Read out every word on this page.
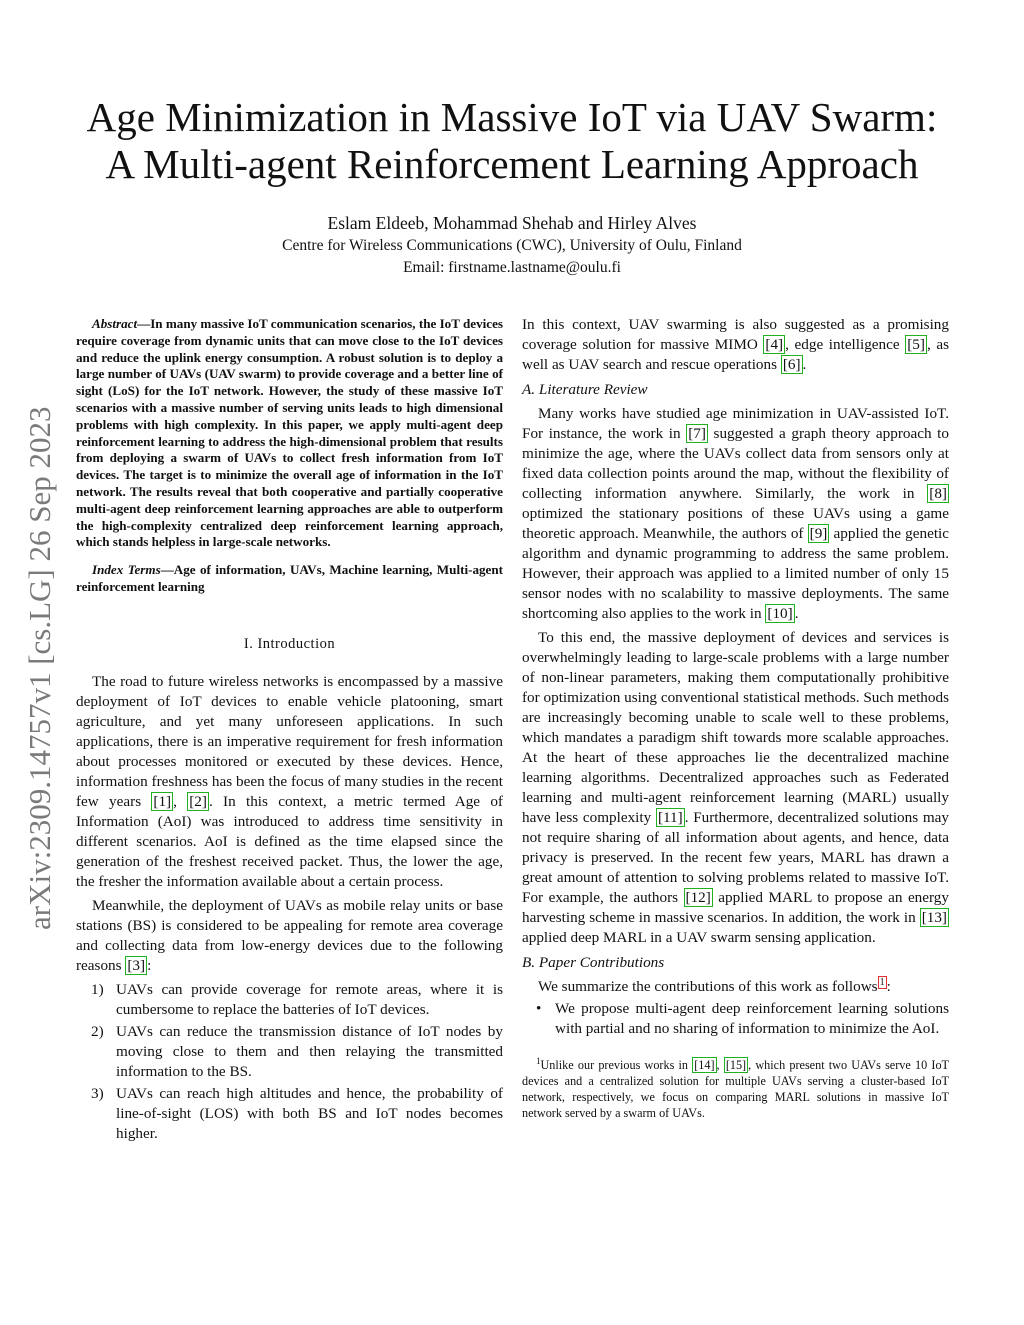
arXiv:2309.14757v1 [cs.LG] 26 Sep 2023
Age Minimization in Massive IoT via UAV Swarm:
A Multi-agent Reinforcement Learning Approach
Eslam Eldeeb, Mohammad Shehab and Hirley Alves
Centre for Wireless Communications (CWC), University of Oulu, Finland
Email: firstname.lastname@oulu.fi

Abstract—In many massive IoT communication scenarios, the IoT devices require coverage from dynamic units that can move close to the IoT devices and reduce the uplink energy consumption. A robust solution is to deploy a large number of UAVs (UAV swarm) to provide coverage and a better line of sight (LoS) for the IoT network. However, the study of these massive IoT scenarios with a massive number of serving units leads to high dimensional problems with high complexity. In this paper, we apply multi-agent deep reinforcement learning to address the high-dimensional problem that results from deploying a swarm of UAVs to collect fresh information from IoT devices. The target is to minimize the overall age of information in the IoT network. The results reveal that both cooperative and partially cooperative multi-agent deep reinforcement learning approaches are able to outperform the high-complexity centralized deep reinforcement learning approach, which stands helpless in large-scale networks.

Index Terms—Age of information, UAVs, Machine learning, Multi-agent reinforcement learning

I. Introduction

The road to future wireless networks is encompassed by a massive deployment of IoT devices to enable vehicle platooning, smart agriculture, and yet many unforeseen applications. In such applications, there is an imperative requirement for fresh information about processes monitored or executed by these devices. Hence, information freshness has been the focus of many studies in the recent few years [1] , [2] . In this context, a metric termed Age of Information (AoI) was introduced to address time sensitivity in different scenarios. AoI is defined as the time elapsed since the generation of the freshest received packet. Thus, the lower the age, the fresher the information available about a certain process.

Meanwhile, the deployment of UAVs as mobile relay units or base stations (BS) is considered to be appealing for remote area coverage and collecting data from low-energy devices due to the following reasons [3] :

1) UAVs can provide coverage for remote areas, where it is cumbersome to replace the batteries of IoT devices.
2) UAVs can reduce the transmission distance of IoT nodes by moving close to them and then relaying the transmitted information to the BS.
3) UAVs can reach high altitudes and hence, the probability of line-of-sight (LOS) with both BS and IoT nodes becomes higher.

In this context, UAV swarming is also suggested as a promising coverage solution for massive MIMO [4] , edge intelligence [5] , as well as UAV search and rescue operations [6] .

A. Literature Review

Many works have studied age minimization in UAV-assisted IoT. For instance, the work in [7] suggested a graph theory approach to minimize the age, where the UAVs collect data from sensors only at fixed data collection points around the map, without the flexibility of collecting information anywhere. Similarly, the work in [8] optimized the stationary positions of these UAVs using a game theoretic approach. Meanwhile, the authors of [9] applied the genetic algorithm and dynamic programming to address the same problem. However, their approach was applied to a limited number of only 15 sensor nodes with no scalability to massive deployments. The same shortcoming also applies to the work in [10] .

To this end, the massive deployment of devices and services is overwhelmingly leading to large-scale problems with a large number of non-linear parameters, making them computationally prohibitive for optimization using conventional statistical methods. Such methods are increasingly becoming unable to scale well to these problems, which mandates a paradigm shift towards more scalable approaches. At the heart of these approaches lie the decentralized machine learning algorithms. Decentralized approaches such as Federated learning and multi-agent reinforcement learning (MARL) usually have less complexity [11] . Furthermore, decentralized solutions may not require sharing of all information about agents, and hence, data privacy is preserved. In the recent few years, MARL has drawn a great amount of attention to solving problems related to massive IoT. For example, the authors [12] applied MARL to propose an energy harvesting scheme in massive scenarios. In addition, the work in [13] applied deep MARL in a UAV swarm sensing application.

B. Paper Contributions

We summarize the contributions of this work as follows $^1$ :

• We propose multi-agent deep reinforcement learning solutions with partial and no sharing of information to minimize the AoI.

$^1$Unlike our previous works in [14] , [15] , which present two UAVs serve 10 IoT devices and a centralized solution for multiple UAVs serving a cluster-based IoT network, respectively, we focus on comparing MARL solutions in massive IoT network served by a swarm of UAVs.
